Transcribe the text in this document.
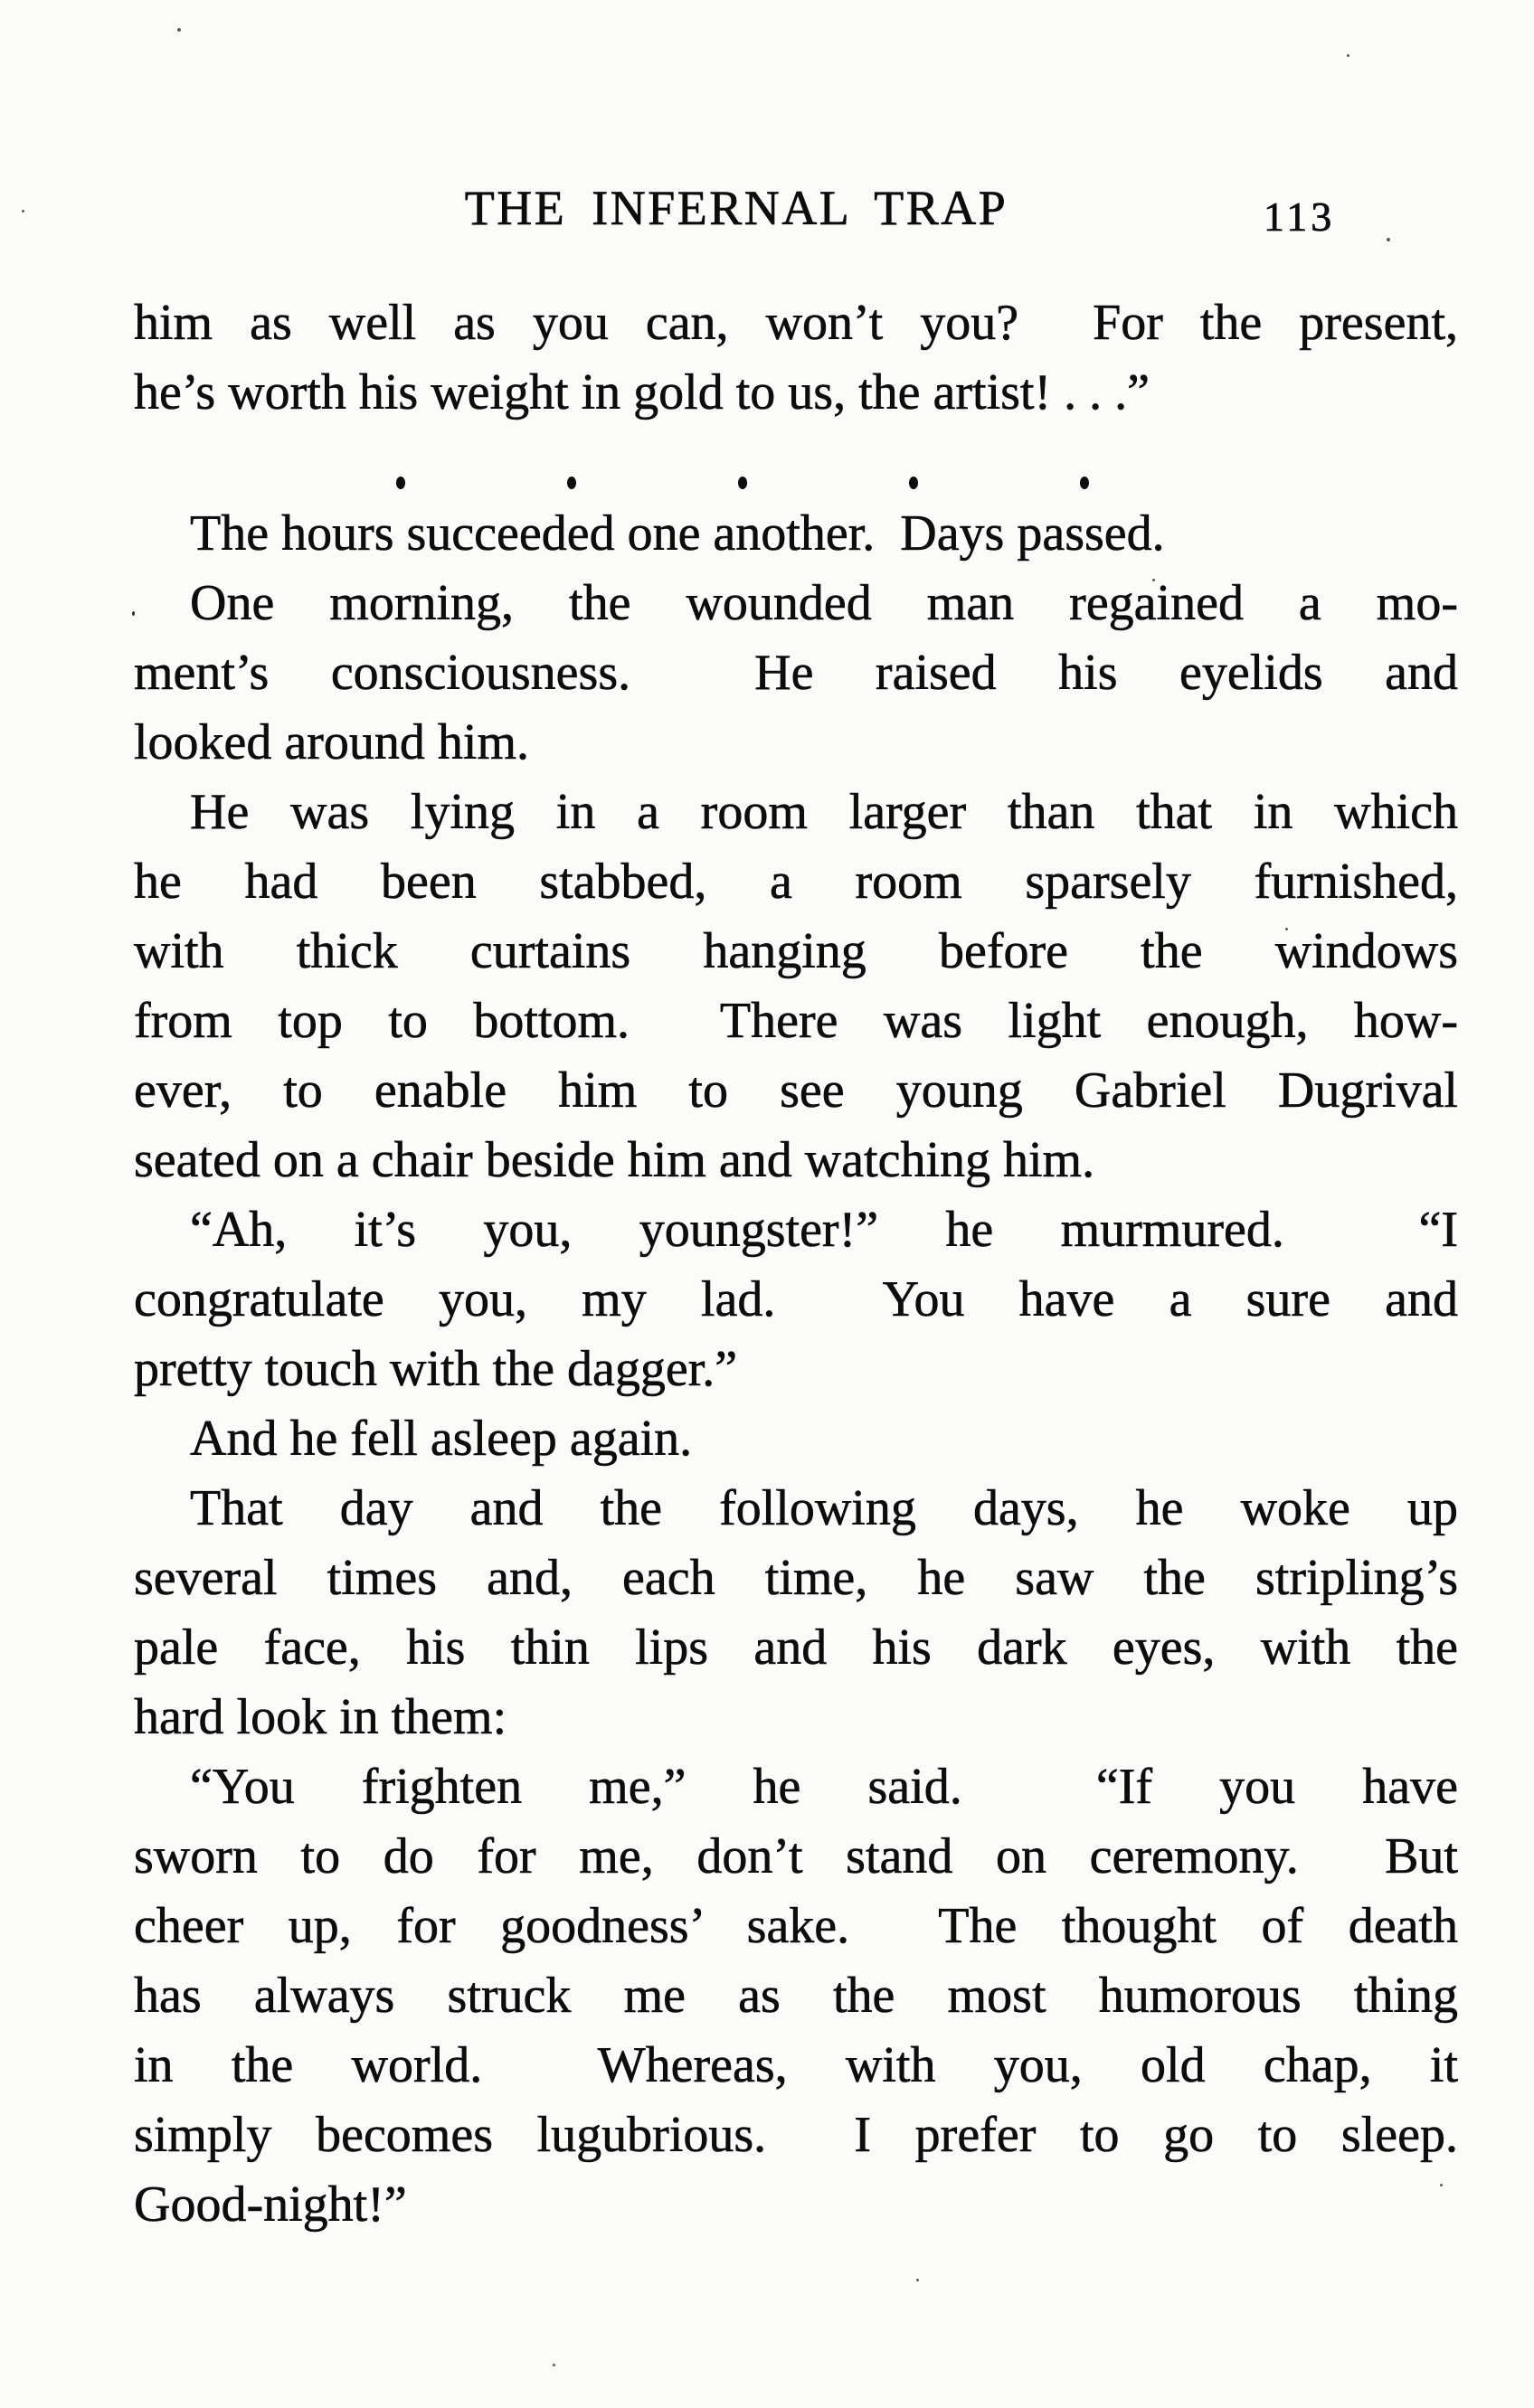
THE INFERNAL TRAP	113
him as well as you can, won’t you?  For the present,
he’s worth his weight in gold to us, the artist! . . .”
The hours succeeded one another.  Days passed.
One morning, the wounded man regained a mo-
ment’s consciousness.  He raised his eyelids and
looked around him.
He was lying in a room larger than that in which
he had been stabbed, a room sparsely furnished,
with thick curtains hanging before the windows
from top to bottom.  There was light enough, how-
ever, to enable him to see young Gabriel Dugrival
seated on a chair beside him and watching him.
“Ah, it’s you, youngster!” he murmured.  “I
congratulate you, my lad.  You have a sure and
pretty touch with the dagger.”
And he fell asleep again.
That day and the following days, he woke up
several times and, each time, he saw the stripling’s
pale face, his thin lips and his dark eyes, with the
hard look in them:
“You frighten me,” he said.  “If you have
sworn to do for me, don’t stand on ceremony.  But
cheer up, for goodness’ sake.  The thought of death
has always struck me as the most humorous thing
in the world.  Whereas, with you, old chap, it
simply becomes lugubrious.  I prefer to go to sleep.
Good-night!”
